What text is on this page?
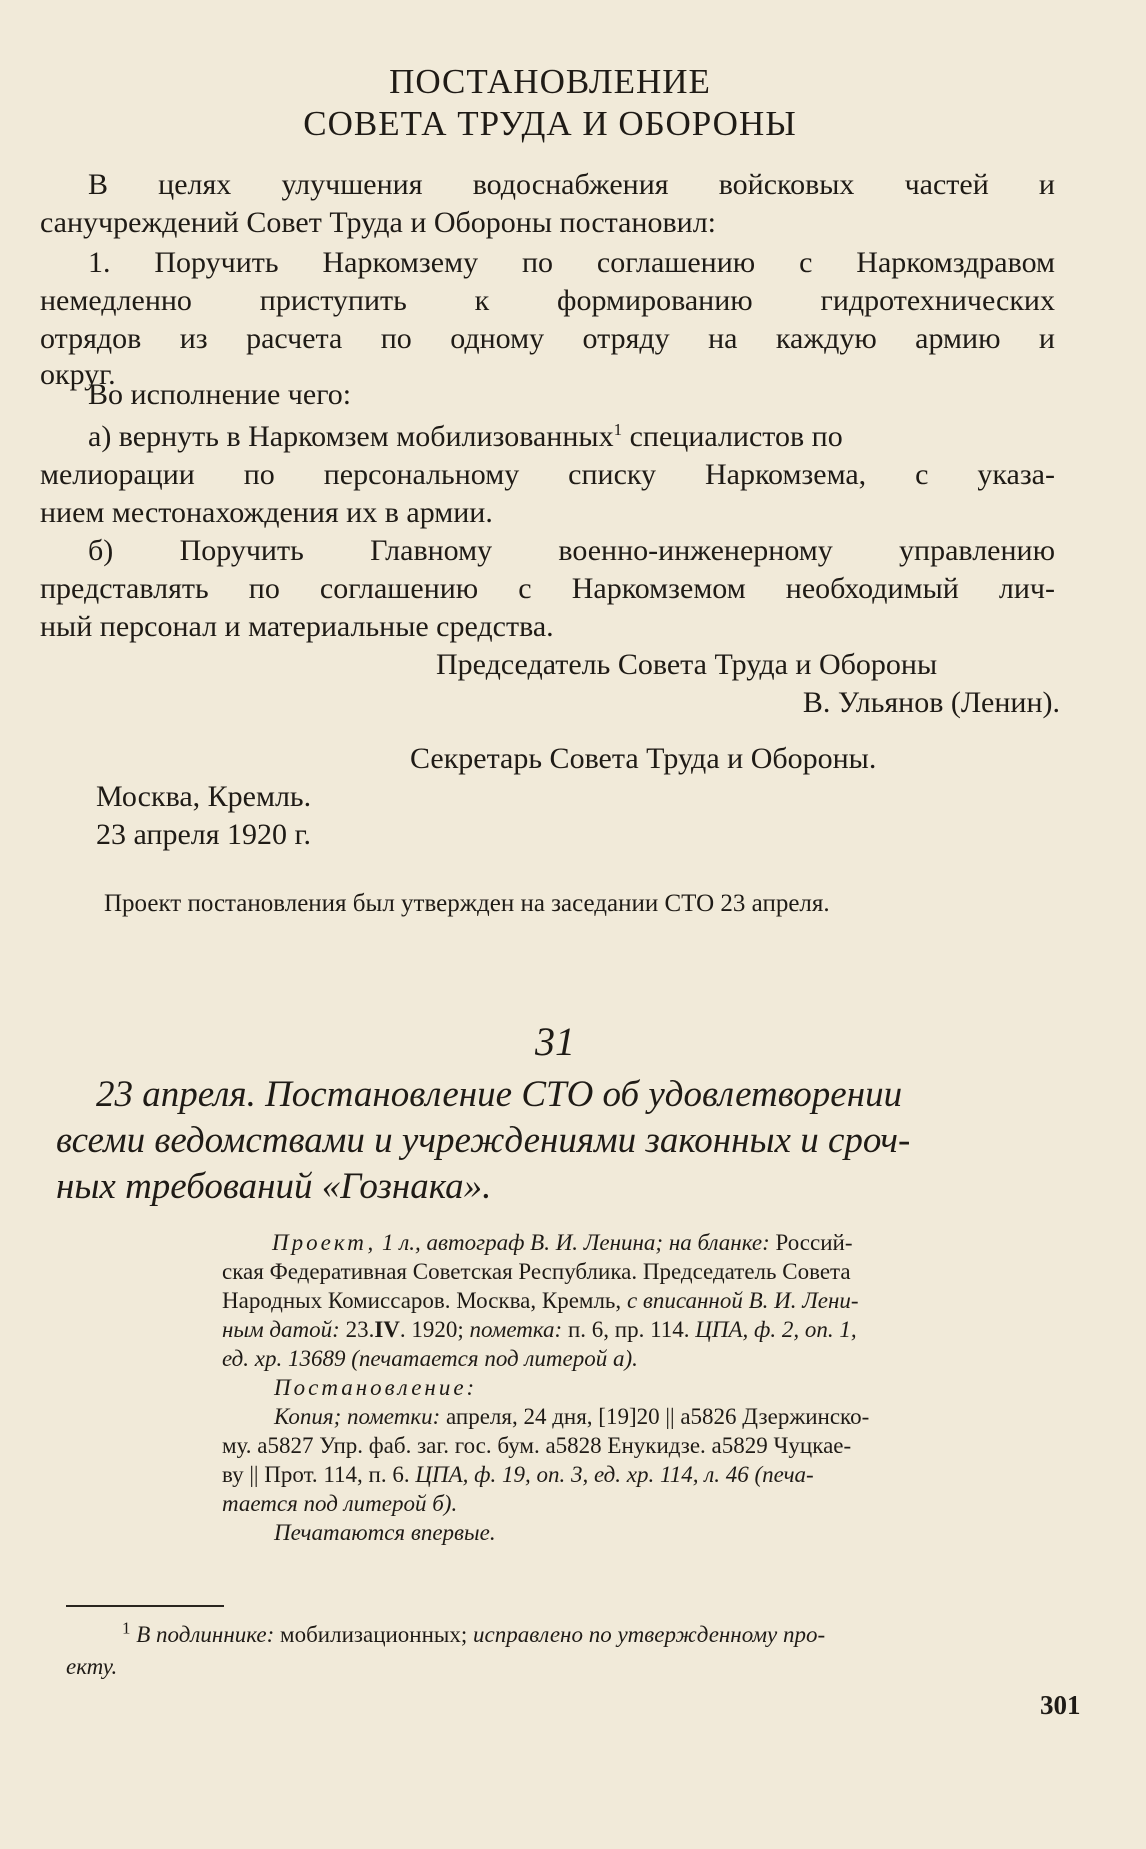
ПОСТАНОВЛЕНИЕ

СОВЕТА ТРУДА И ОБОРОНЫ

В целях улучшения водоснабжения войсковых частей и

санучреждений Совет Труда и Обороны постановил:

1. Поручить Наркомзему по соглашению с Наркомздравом

немедленно приступить к формированию гидротехнических

отрядов из расчета по одному отряду на каждую армию и

округ.

Во исполнение чего:

а) вернуть в Наркомзем мобилизованных$^1$ специалистов по

мелиорации по персональному списку Наркомзема, с указа-

нием местонахождения их в армии.

б) Поручить Главному военно-инженерному управлению

представлять по соглашению с Наркомземом необходимый лич-

ный персонал и материальные средства.

Председатель Совета Труда и Обороны

В. Ульянов (Ленин).

Секретарь Совета Труда и Обороны.

Москва, Кремль.

23 апреля 1920 г.

Проект постановления был утвержден на заседании СТО 23 апреля.

31

23 апреля. Постановление СТО об удовлетворении

всеми ведомствами и учреждениями законных и сроч-

ных требований «Гознака».

Проект, 1 л., автограф В. И. Ленина; на бланке: Россий-

ская Федеративная Советская Республика. Председатель Совета

Народных Комиссаров. Москва, Кремль, с вписанной В. И. Лени-

ным датой: 23.IV. 1920; пометка: п. 6, пр. 114. ЦПА, ф. 2, оп. 1,

ед. хр. 13689 (печатается под литерой а).

Постановление:

Копия; пометки: апреля, 24 дня, [19]20 || а5826 Дзержинско-

му. а5827 Упр. фаб. заг. гос. бум. а5828 Енукидзе. а5829 Чуцкае-

ву || Прот. 114, п. 6. ЦПА, ф. 19, оп. 3, ед. хр. 114, л. 46 (печа-

тается под литерой б).

Печатаются впервые.

$^1$ В подлиннике: мобилизационных; исправлено по утвержденному про-

екту.

301
